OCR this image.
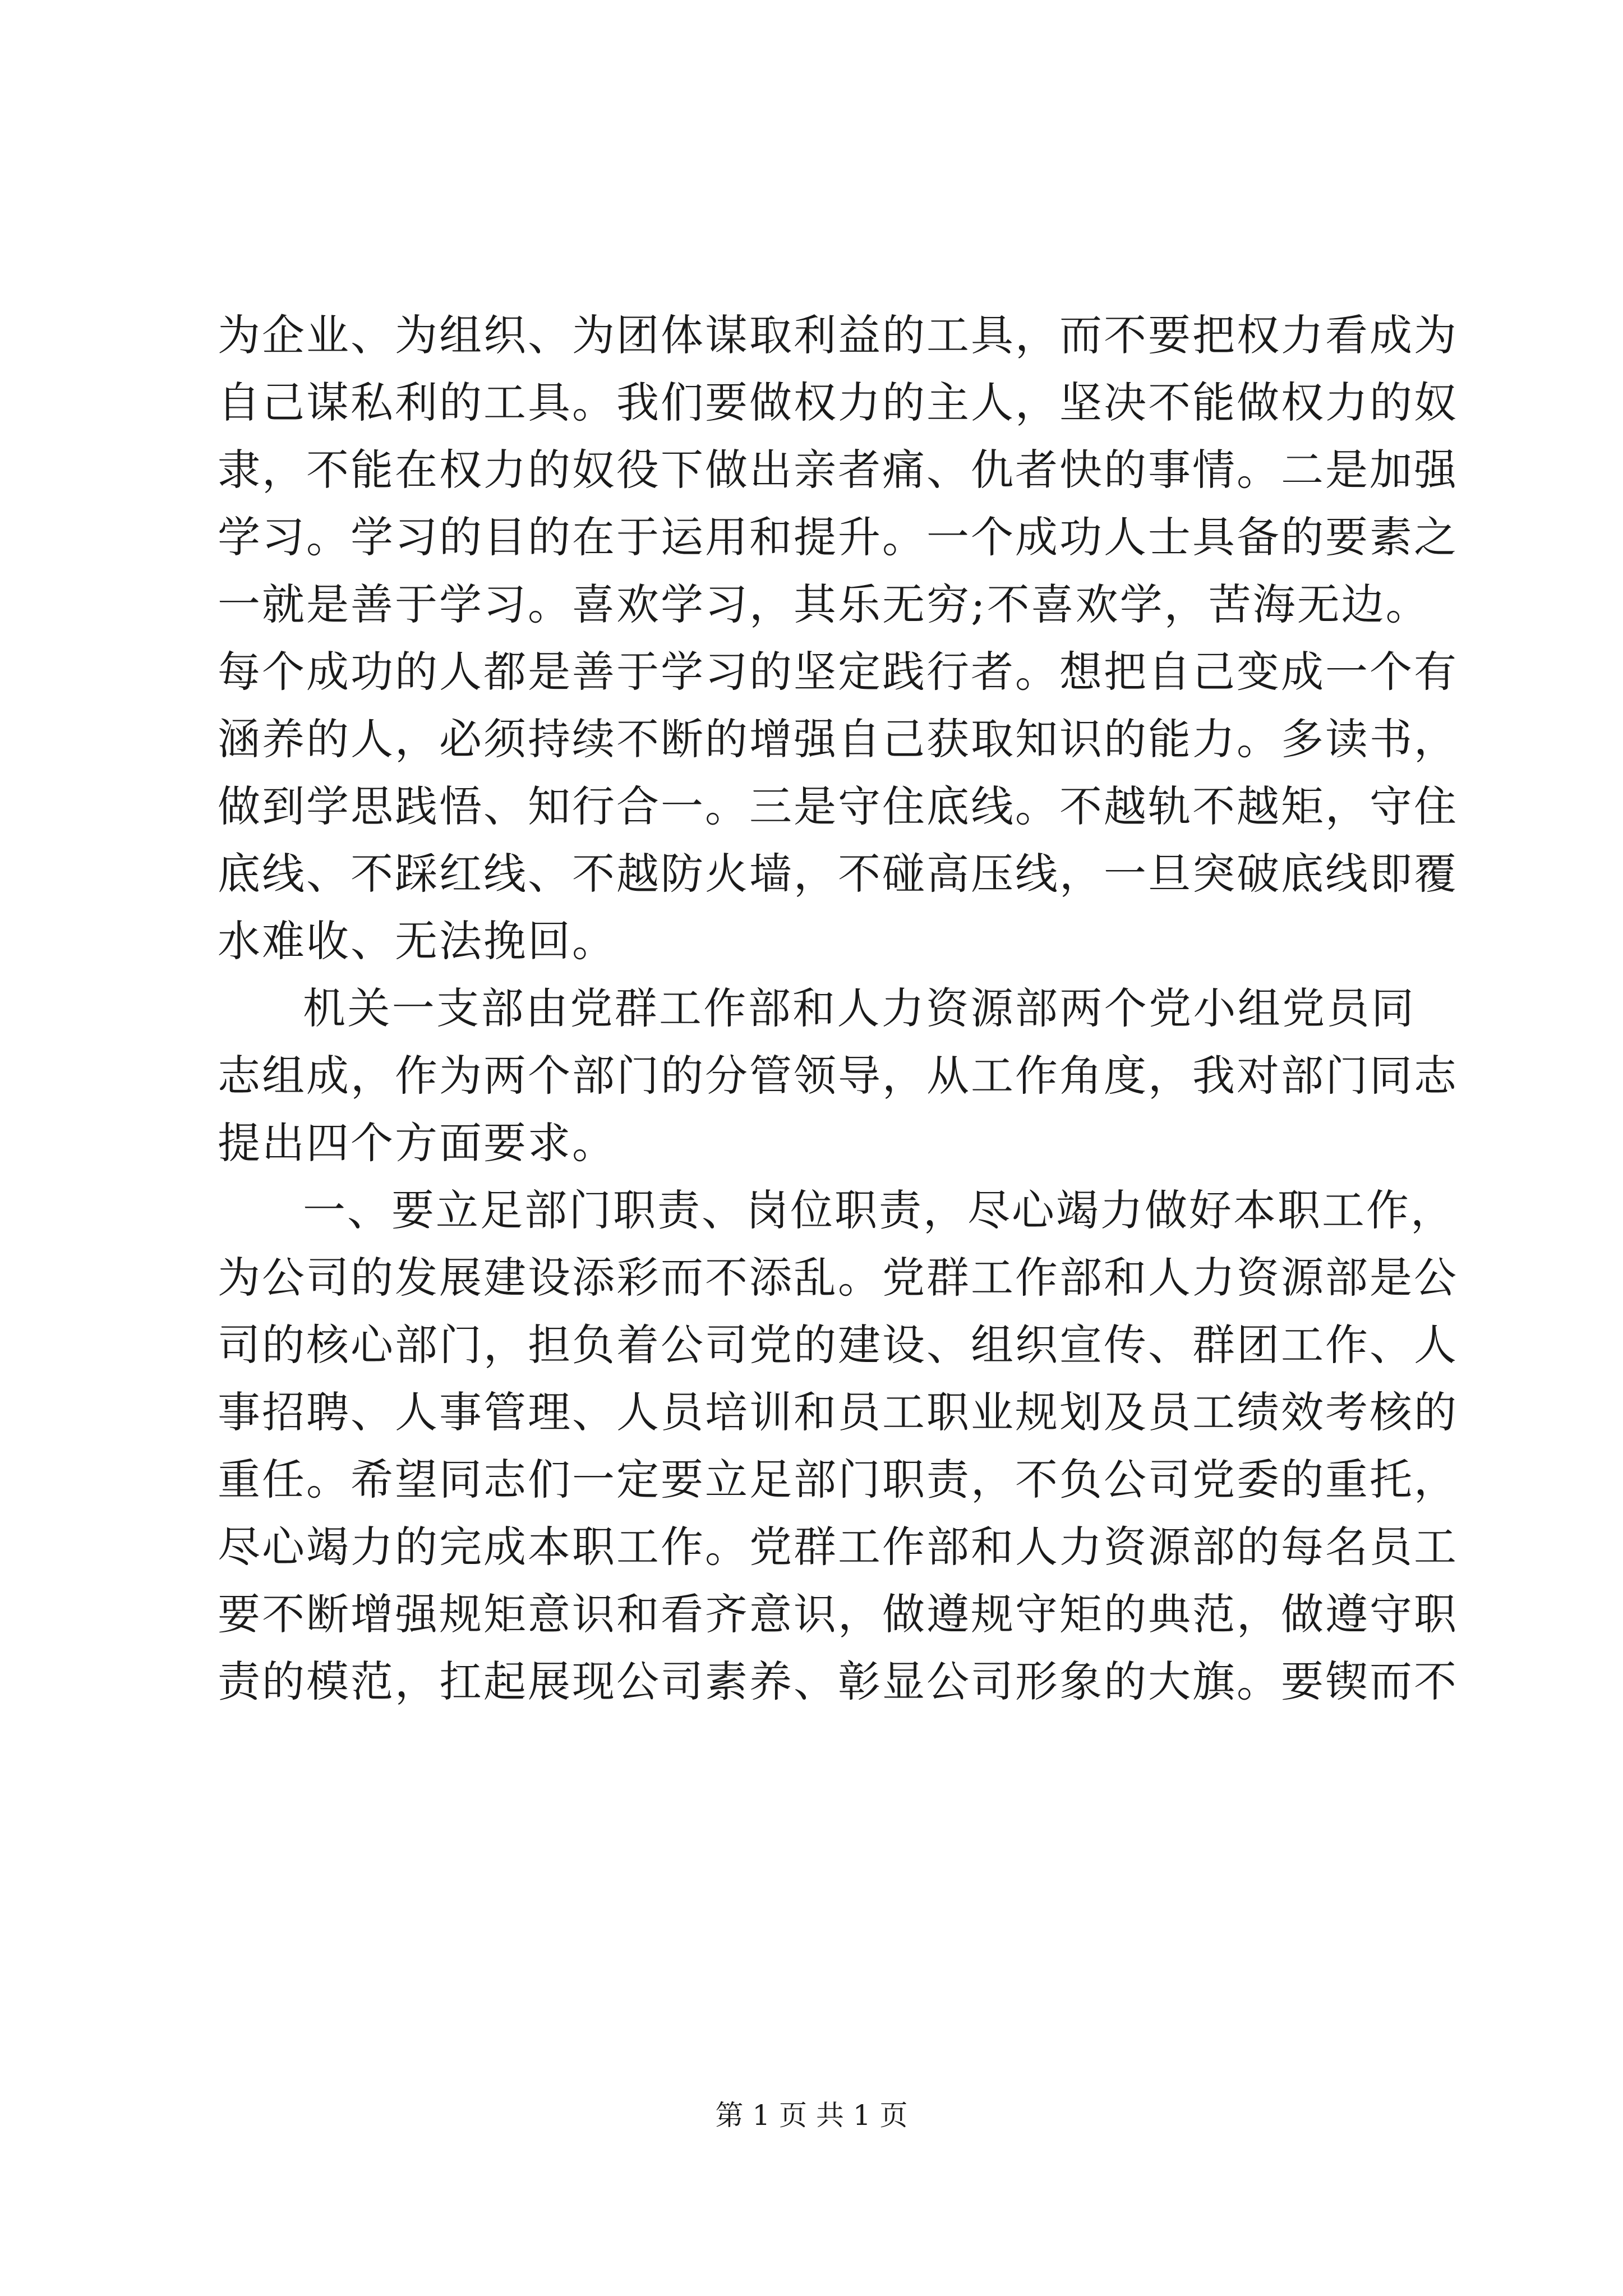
为企业、为组织、为团体谋取利益的工具，而不要把权力看成为
自己谋私利的工具。我们要做权力的主人，坚决不能做权力的奴
隶，不能在权力的奴役下做出亲者痛、仇者快的事情。二是加强
学习。学习的目的在于运用和提升。一个成功人士具备的要素之
一就是善于学习。喜欢学习，其乐无穷;不喜欢学，苦海无边。
每个成功的人都是善于学习的坚定践行者。想把自己变成一个有
涵养的人，必须持续不断的增强自己获取知识的能力。多读书，
做到学思践悟、知行合一。三是守住底线。不越轨不越矩，守住
底线、不踩红线、不越防火墙，不碰高压线，一旦突破底线即覆
水难收、无法挽回。
机关一支部由党群工作部和人力资源部两个党小组党员同
志组成，作为两个部门的分管领导，从工作角度，我对部门同志
提出四个方面要求。
一、要立足部门职责、岗位职责，尽心竭力做好本职工作，
为公司的发展建设添彩而不添乱。党群工作部和人力资源部是公
司的核心部门，担负着公司党的建设、组织宣传、群团工作、人
事招聘、人事管理、人员培训和员工职业规划及员工绩效考核的
重任。希望同志们一定要立足部门职责，不负公司党委的重托，
尽心竭力的完成本职工作。党群工作部和人力资源部的每名员工
要不断增强规矩意识和看齐意识，做遵规守矩的典范，做遵守职
责的模范，扛起展现公司素养、彰显公司形象的大旗。要锲而不
第 1 页 共 1 页
